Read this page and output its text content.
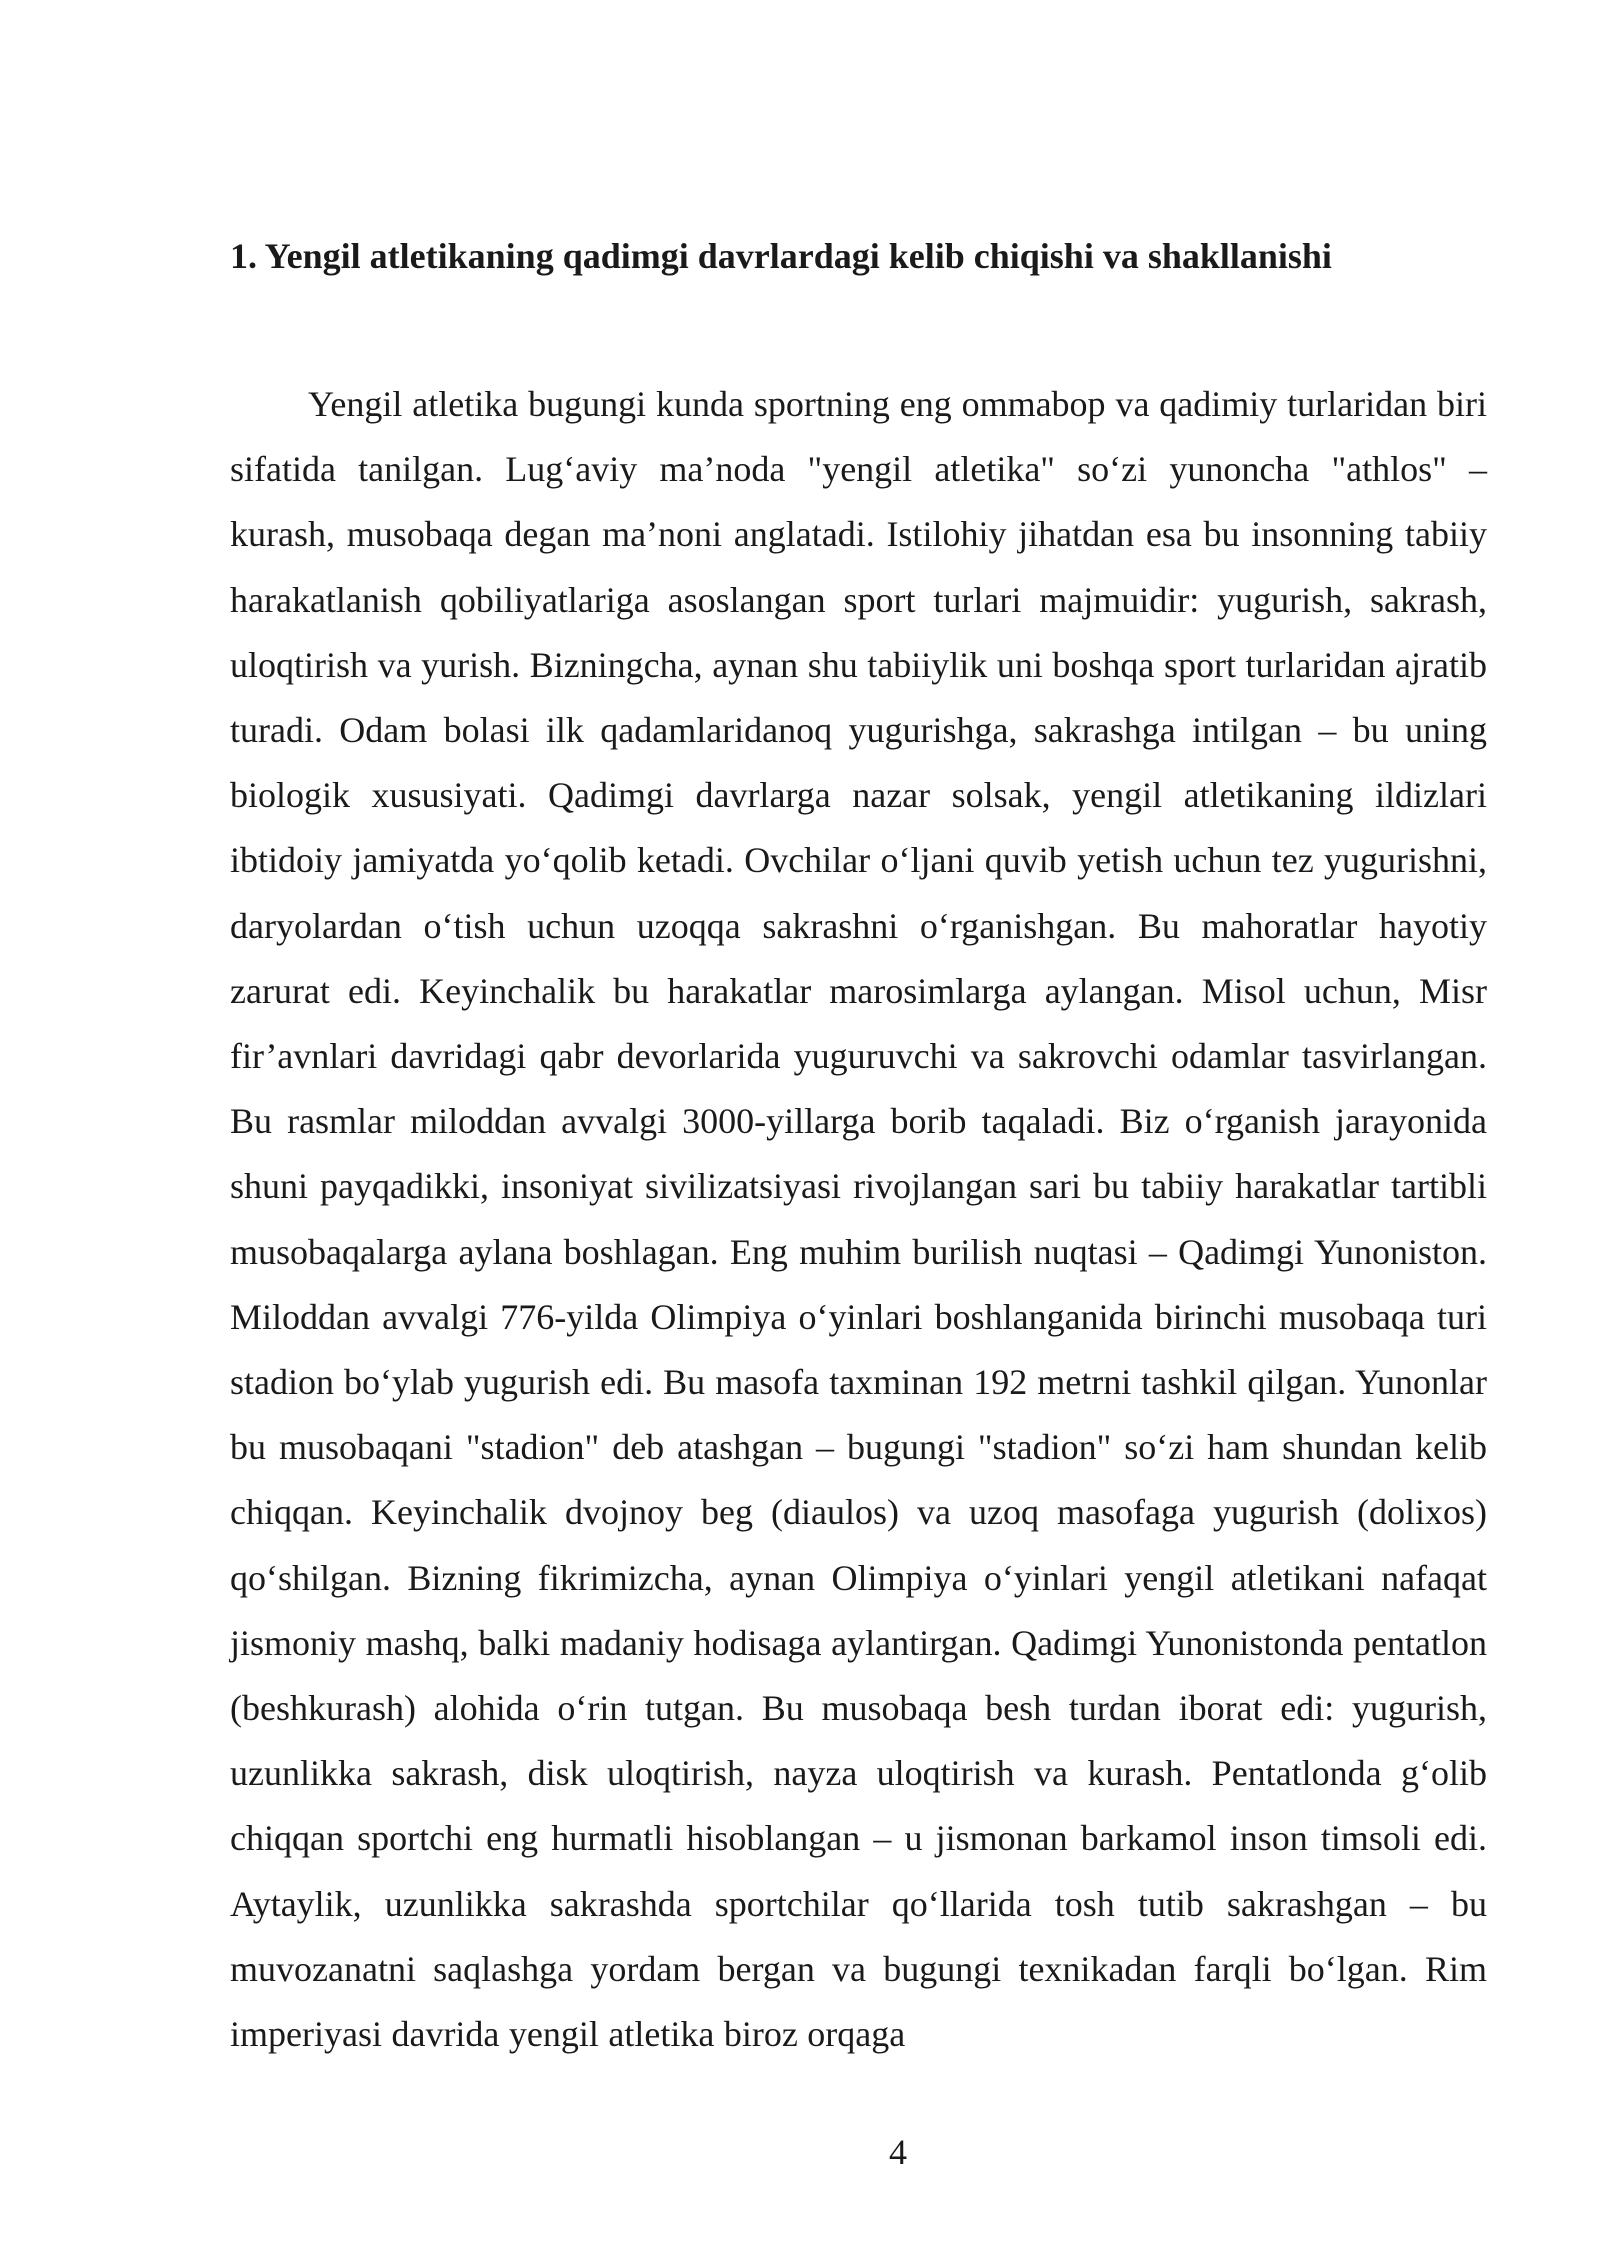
1. Yengil atletikaning qadimgi davrlardagi kelib chiqishi va shakllanishi

Yengil atletika bugungi kunda sportning eng ommabop va qadimiy turlaridan biri sifatida tanilgan. Lug‘aviy ma’noda "yengil atletika" so‘zi yunoncha "athlos" – kurash, musobaqa degan ma’noni anglatadi. Istilohiy jihatdan esa bu insonning tabiiy harakatlanish qobiliyatlariga asoslangan sport turlari majmuidir: yugurish, sakrash, uloqtirish va yurish. Bizningcha, aynan shu tabiiylik uni boshqa sport turlaridan ajratib turadi. Odam bolasi ilk qadamlaridanoq yugurishga, sakrashga intilgan – bu uning biologik xususiyati. Qadimgi davrlarga nazar solsak, yengil atletikaning ildizlari ibtidoiy jamiyatda yo‘qolib ketadi. Ovchilar o‘ljani quvib yetish uchun tez yugurishni, daryolardan o‘tish uchun uzoqqa sakrashni o‘rganishgan. Bu mahoratlar hayotiy zarurat edi. Keyinchalik bu harakatlar marosimlarga aylangan. Misol uchun, Misr fir’avnlari davridagi qabr devorlarida yuguruvchi va sakrovchi odamlar tasvirlangan. Bu rasmlar miloddan avvalgi 3000-yillarga borib taqaladi. Biz o‘rganish jarayonida shuni payqadikki, insoniyat sivilizatsiyasi rivojlangan sari bu tabiiy harakatlar tartibli musobaqalarga aylana boshlagan. Eng muhim burilish nuqtasi – Qadimgi Yunoniston. Miloddan avvalgi 776-yilda Olimpiya o‘yinlari boshlanganida birinchi musobaqa turi stadion bo‘ylab yugurish edi. Bu masofa taxminan 192 metrni tashkil qilgan. Yunonlar bu musobaqani "stadion" deb atashgan – bugungi "stadion" so‘zi ham shundan kelib chiqqan. Keyinchalik dvojnoy beg (diaulos) va uzoq masofaga yugurish (dolixos) qo‘shilgan. Bizning fikrimizcha, aynan Olimpiya o‘yinlari yengil atletikani nafaqat jismoniy mashq, balki madaniy hodisaga aylantirgan. Qadimgi Yunonistonda pentatlon (beshkurash) alohida o‘rin tutgan. Bu musobaqa besh turdan iborat edi: yugurish, uzunlikka sakrash, disk uloqtirish, nayza uloqtirish va kurash. Pentatlonda g‘olib chiqqan sportchi eng hurmatli hisoblangan – u jismonan barkamol inson timsoli edi. Aytaylik, uzunlikka sakrashda sportchilar qo‘llarida tosh tutib sakrashgan – bu muvozanatni saqlashga yordam bergan va bugungi texnikadan farqli bo‘lgan. Rim imperiyasi davrida yengil atletika biroz orqaga

4
